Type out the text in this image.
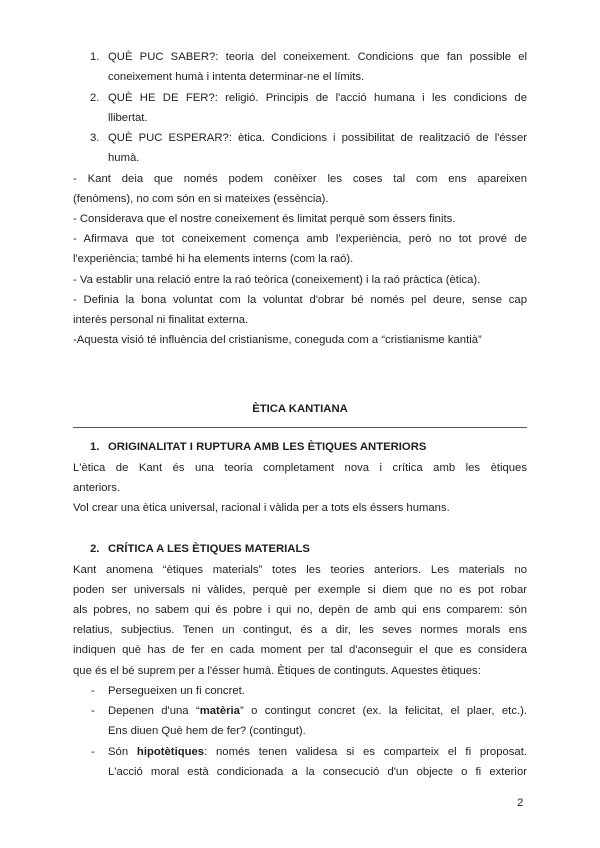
1. QUÈ PUC SABER?: teoria del coneixement. Condicions que fan possible el
coneixement humà i intenta determinar-ne el límits.
2. QUÈ HE DE FER?: religió. Principis de l'acció humana i les condicions de
llibertat.
3. QUÈ PUC ESPERAR?: ètica. Condicions i possibilitat de realització de l'ésser
humà.
- Kant deia que només podem conèixer les coses tal com ens apareixen
(fenòmens), no com són en si mateixes (essència).
- Considerava que el nostre coneixement és limitat perquè som éssers finits.
- Afirmava que tot coneixement comença amb l'experiència, però no tot prové de
l'experiència; també hi ha elements interns (com la raó).
- Va establir una relació entre la raó teòrica (coneixement) i la raó pràctica (ètica).
- Definia la bona voluntat com la voluntat d'obrar bé només pel deure, sense cap
interès personal ni finalitat externa.
-Aquesta visió té influència del cristianisme, coneguda com a “cristianisme kantià”
ÈTICA KANTIANA
1. ORIGINALITAT I RUPTURA AMB LES ÈTIQUES ANTERIORS
L'ètica de Kant és una teoria completament nova i crítica amb les ètiques
anteriors.
Vol crear una ètica universal, racional i vàlida per a tots els éssers humans.
2. CRÍTICA A LES ÈTIQUES MATERIALS
Kant anomena “ètiques materials” totes les teories anteriors. Les materials no
poden ser universals ni vàlides, perquè per exemple si diem que no es pot robar
als pobres, no sabem qui és pobre i qui no, depèn de amb qui ens comparem: són
relatius, subjectius. Tenen un contingut, és a dir, les seves normes morals ens
indiquen què has de fer en cada moment per tal d'aconseguir el que es considera
que és el bé suprem per a l'ésser humà. Ètiques de continguts. Aquestes ètiques:
- Persegueixen un fi concret.
- Depenen d'una “matèria” o contingut concret (ex. la felicitat, el plaer, etc.).
Ens diuen Què hem de fer? (contingut).
- Són hipotètiques: només tenen validesa si es comparteix el fi proposat.
L'acció moral està condicionada a la consecució d'un objecte o fi exterior
2
